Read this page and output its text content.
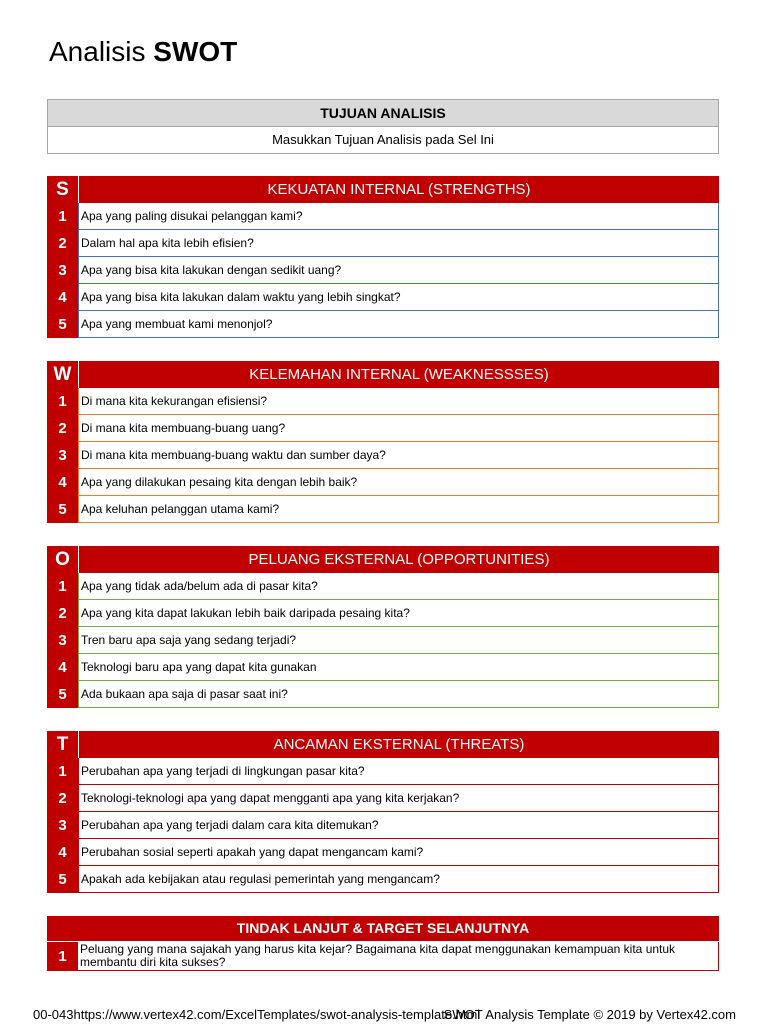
Analisis SWOT
TUJUAN ANALISIS
Masukkan Tujuan Analisis pada Sel Ini
S	KEKUATAN INTERNAL (STRENGTHS)
1	Apa yang paling disukai pelanggan kami?
2	Dalam hal apa kita lebih efisien?
3	Apa yang bisa kita lakukan dengan sedikit uang?
4	Apa yang bisa kita lakukan dalam waktu yang lebih singkat?
5	Apa yang membuat kami menonjol?
W	KELEMAHAN INTERNAL (WEAKNESSSES)
1	Di mana kita kekurangan efisiensi?
2	Di mana kita membuang-buang uang?
3	Di mana kita membuang-buang waktu dan sumber daya?
4	Apa yang dilakukan pesaing kita dengan lebih baik?
5	Apa keluhan pelanggan utama kami?
O	PELUANG EKSTERNAL (OPPORTUNITIES)
1	Apa yang tidak ada/belum ada di pasar kita?
2	Apa yang kita dapat lakukan lebih baik daripada pesaing kita?
3	Tren baru apa saja yang sedang terjadi?
4	Teknologi baru apa yang dapat kita gunakan
5	Ada bukaan apa saja di pasar saat ini?
T	ANCAMAN EKSTERNAL (THREATS)
1	Perubahan apa yang terjadi di lingkungan pasar kita?
2	Teknologi-teknologi apa yang dapat mengganti apa yang kita kerjakan?
3	Perubahan apa yang terjadi dalam cara kita ditemukan?
4	Perubahan sosial seperti apakah yang dapat mengancam kami?
5	Apakah ada kebijakan atau regulasi pemerintah yang mengancam?
TINDAK LANJUT & TARGET SELANJUTNYA
1	Peluang yang mana sajakah yang harus kita kejar? Bagaimana kita dapat menggunakan kemampuan kita untuk membantu diri kita sukses?
00-043https://www.vertex42.com/ExcelTemplates/swot-analysis-template.html
SWOT Analysis Template © 2019 by Vertex42.com
